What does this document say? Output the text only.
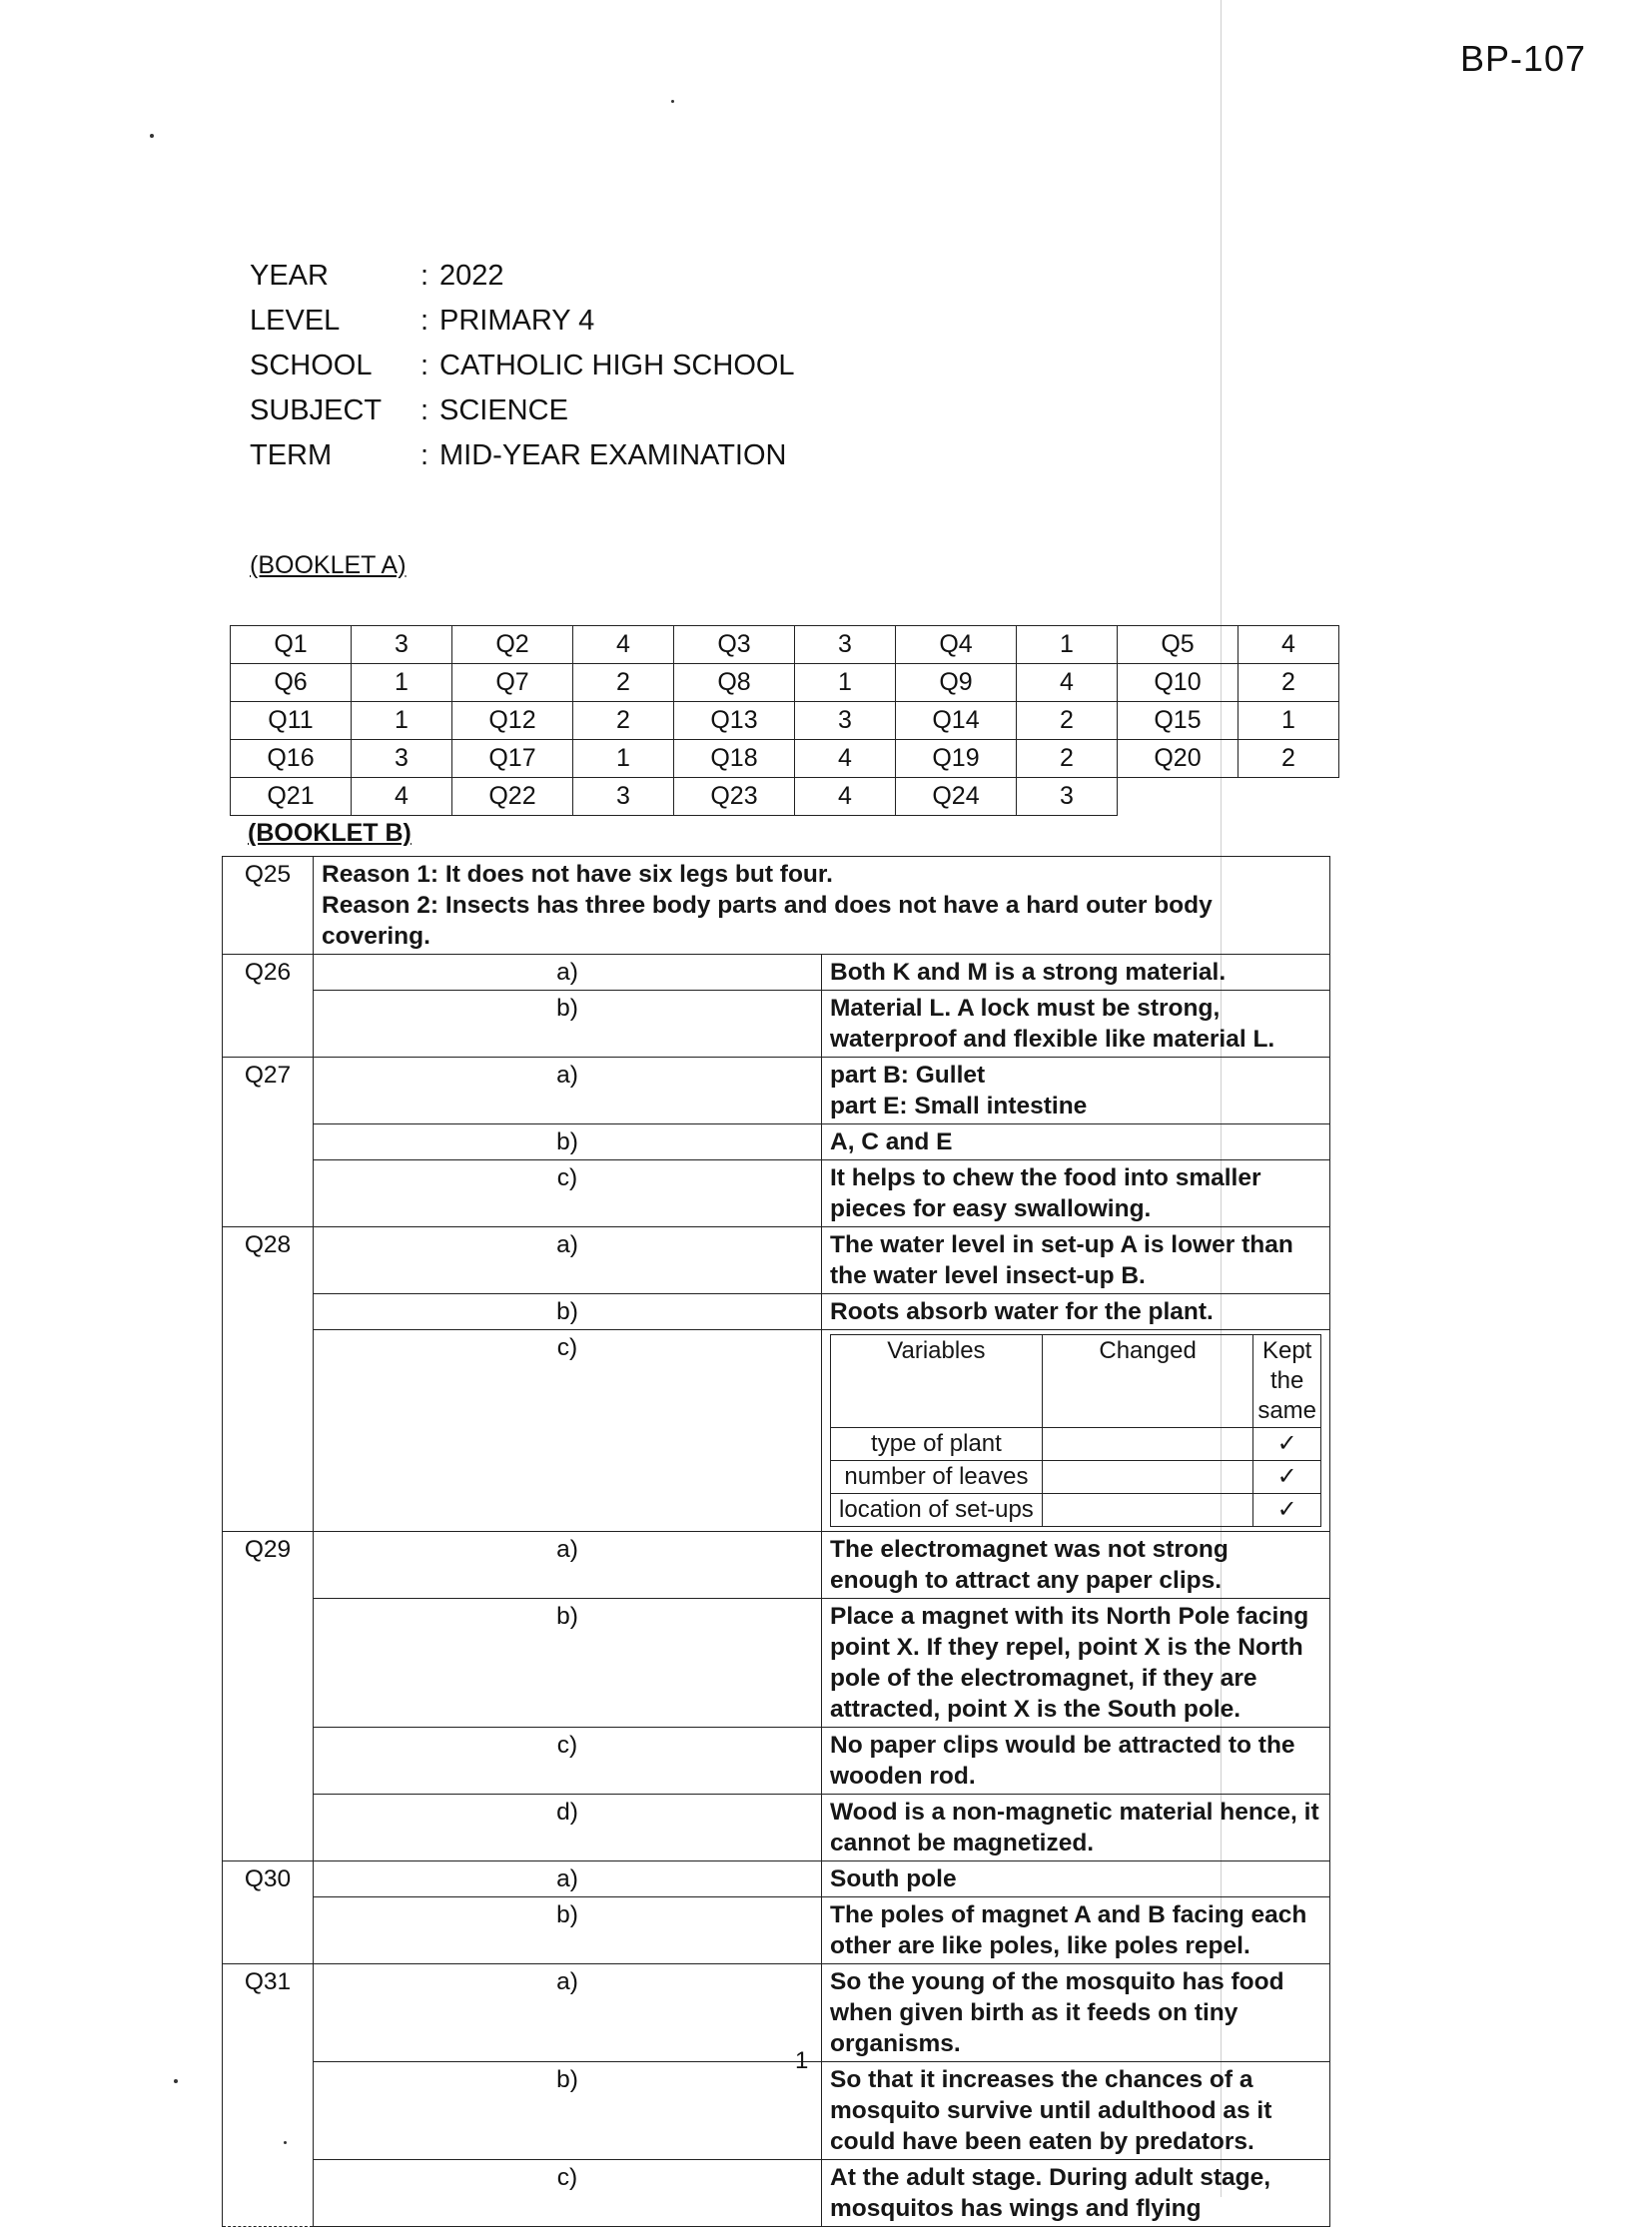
BP-107
YEAR	: 2022
LEVEL	: PRIMARY 4
SCHOOL	: CATHOLIC HIGH SCHOOL
SUBJECT	: SCIENCE
TERM	: MID-YEAR EXAMINATION
(BOOKLET A)
Q1	3	Q2	4	Q3	3	Q4	1	Q5	4
Q6	1	Q7	2	Q8	1	Q9	4	Q10	2
Q11	1	Q12	2	Q13	3	Q14	2	Q15	1
Q16	3	Q17	1	Q18	4	Q19	2	Q20	2
Q21	4	Q22	3	Q23	4	Q24	3		
(BOOKLET B)
Q25	Reason 1: It does not have six legs but four.
Reason 2: Insects has three body parts and does not have a hard outer body covering.

Q26	a)	Both K and M is a strong material.
b)	Material L. A lock must be strong, waterproof and flexible like material L.
Q27	a)	part B: Gullet
part E: Small intestine

b)	A, C and E
c)	It helps to chew the food into smaller pieces for easy swallowing.
Q28	a)	The water level in set-up A is lower than the water level insect-up B.
b)	Roots absorb water for the plant.
c)		Variables	Changed	Kept the same
type of plant		✓
number of leaves		✓
location of set-ups		✓

Q29	a)	The electromagnet was not strong enough to attract any paper clips.
b)	Place a magnet with its North Pole facing point X. If they repel, point X is the North pole of the electromagnet, if they are attracted, point X is the South pole.
c)	No paper clips would be attracted to the wooden rod.
d)	Wood is a non-magnetic material hence, it cannot be magnetized.
Q30	a)	South pole
b)	The poles of magnet A and B facing each other are like poles, like poles repel.
Q31	a)	So the young of the mosquito has food when given birth as it feeds on tiny organisms.
b)	So that it increases the chances of a mosquito survive until adulthood as it could have been eaten by predators.
c)	At the adult stage. During adult stage, mosquitos has wings and flying
1
